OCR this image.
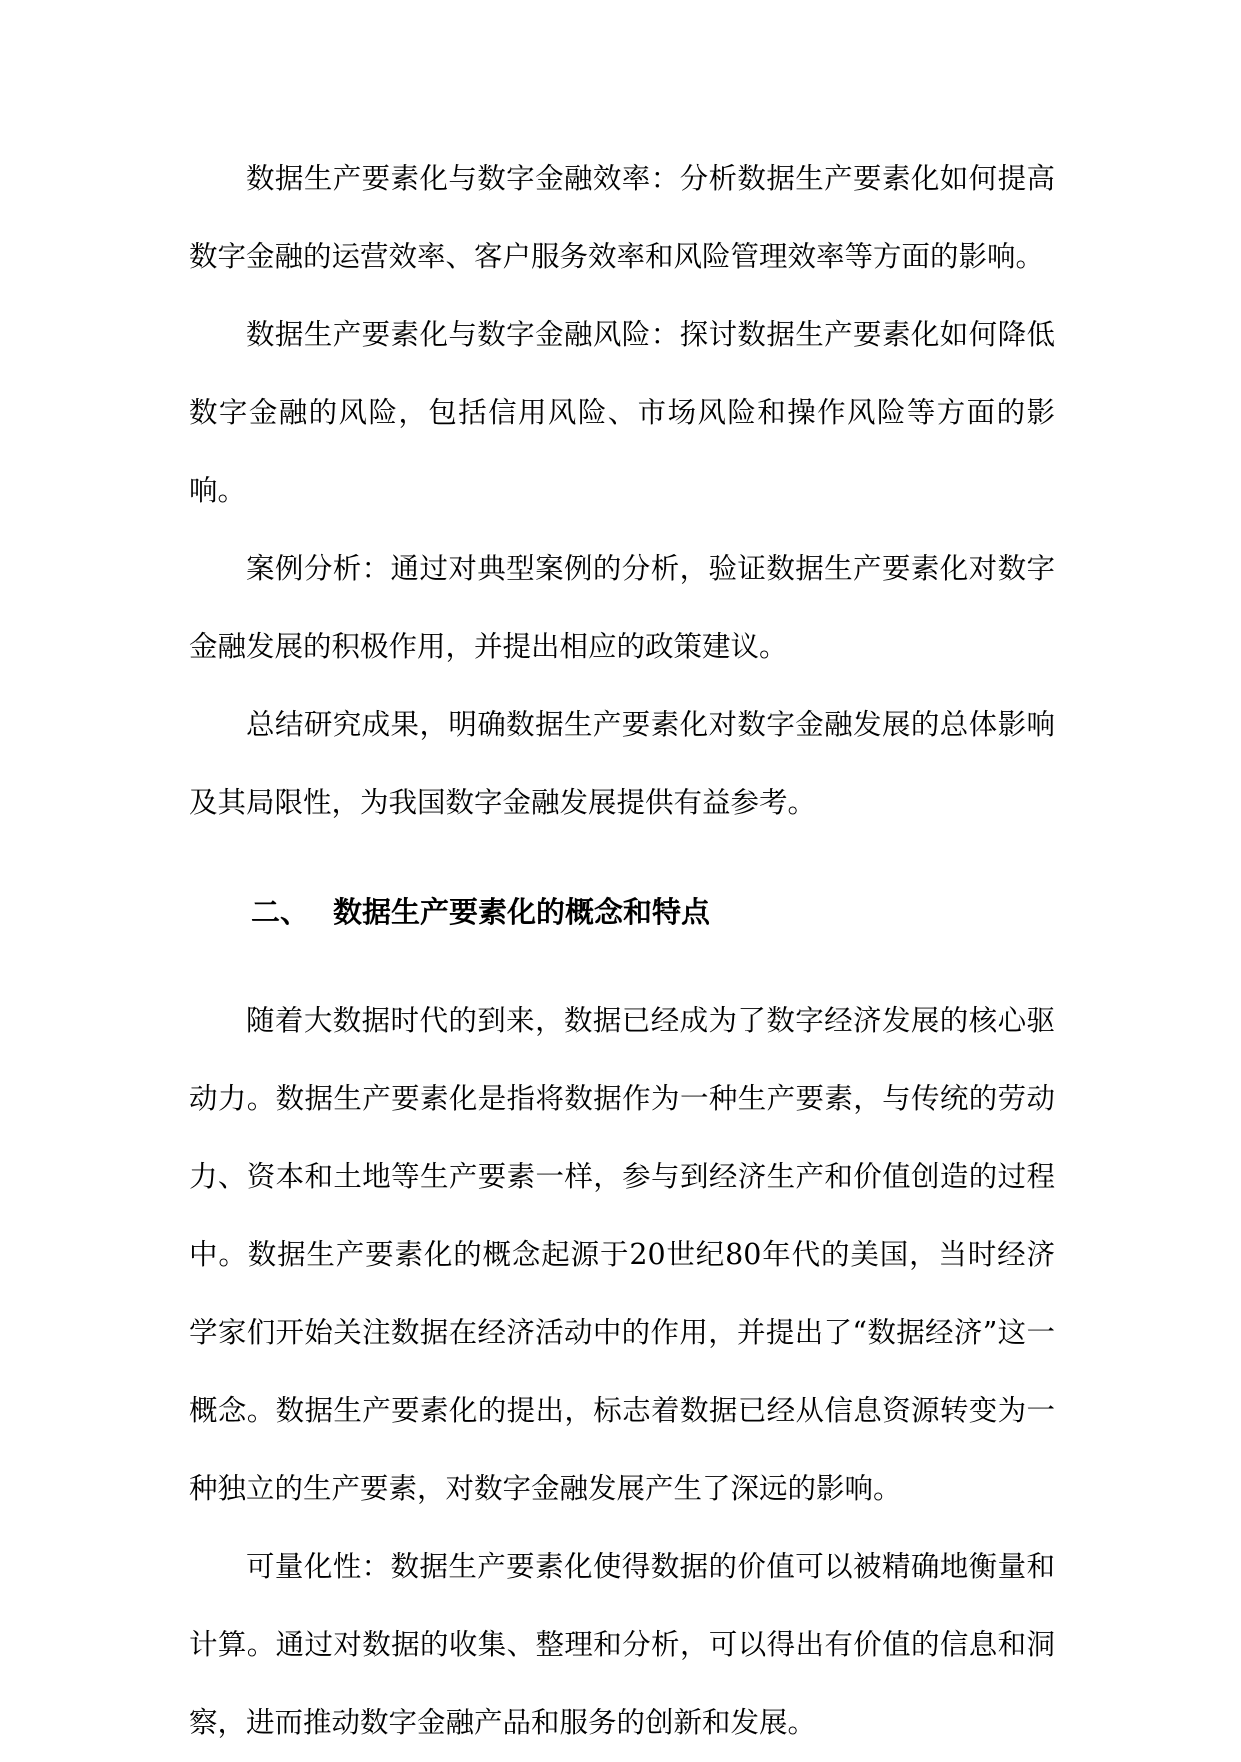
数据生产要素化与数字金融效率：分析数据生产要素化如何提高数字金融的运营效率、客户服务效率和风险管理效率等方面的影响。

数据生产要素化与数字金融风险：探讨数据生产要素化如何降低数字金融的风险，包括信用风险、市场风险和操作风险等方面的影响。

案例分析：通过对典型案例的分析，验证数据生产要素化对数字金融发展的积极作用，并提出相应的政策建议。

总结研究成果，明确数据生产要素化对数字金融发展的总体影响及其局限性，为我国数字金融发展提供有益参考。

二、 数据生产要素化的概念和特点

随着大数据时代的到来，数据已经成为了数字经济发展的核心驱动力。数据生产要素化是指将数据作为一种生产要素，与传统的劳动力、资本和土地等生产要素一样，参与到经济生产和价值创造的过程中。数据生产要素化的概念起源于20世纪80年代的美国，当时经济学家们开始关注数据在经济活动中的作用，并提出了“数据经济”这一概念。数据生产要素化的提出，标志着数据已经从信息资源转变为一种独立的生产要素，对数字金融发展产生了深远的影响。

可量化性：数据生产要素化使得数据的价值可以被精确地衡量和计算。通过对数据的收集、整理和分析，可以得出有价值的信息和洞察，进而推动数字金融产品和服务的创新和发展。
